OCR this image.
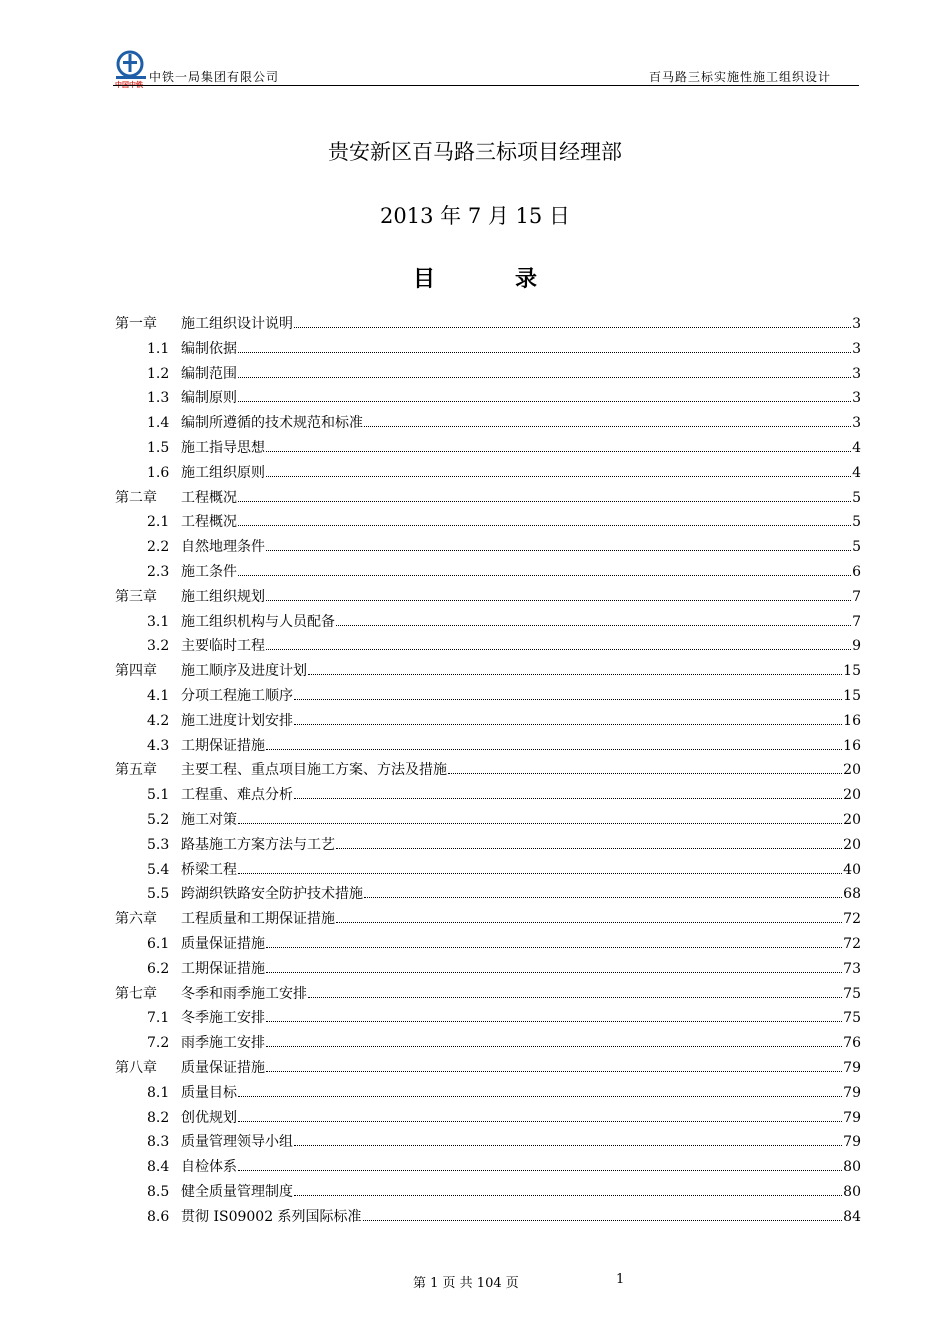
中国中铁
中铁一局集团有限公司	百马路三标实施性施工组织设计
贵安新区百马路三标项目经理部
2013 年 7 月 15 日
目	录
第一章	施工组织设计说明	3
1.1 编制依据	3
1.2 编制范围	3
1.3 编制原则	3
1.4 编制所遵循的技术规范和标准	3
1.5 施工指导思想	4
1.6 施工组织原则	4
第二章	工程概况	5
2.1 工程概况	5
2.2 自然地理条件	5
2.3 施工条件	6
第三章	施工组织规划	7
3.1 施工组织机构与人员配备	7
3.2 主要临时工程	9
第四章	施工顺序及进度计划	15
4.1 分项工程施工顺序	15
4.2 施工进度计划安排	16
4.3 工期保证措施	16
第五章	主要工程、重点项目施工方案、方法及措施	20
5.1 工程重、难点分析	20
5.2 施工对策	20
5.3 路基施工方案方法与工艺	20
5.4 桥梁工程	40
5.5 跨湖织铁路安全防护技术措施	68
第六章	工程质量和工期保证措施	72
6.1 质量保证措施	72
6.2 工期保证措施	73
第七章	冬季和雨季施工安排	75
7.1 冬季施工安排	75
7.2 雨季施工安排	76
第八章	质量保证措施	79
8.1 质量目标	79
8.2 创优规划	79
8.3 质量管理领导小组	79
8.4 自检体系	80
8.5 健全质量管理制度	80
8.6 贯彻 IS09002 系列国际标准	84
第 1 页 共 104 页	1
